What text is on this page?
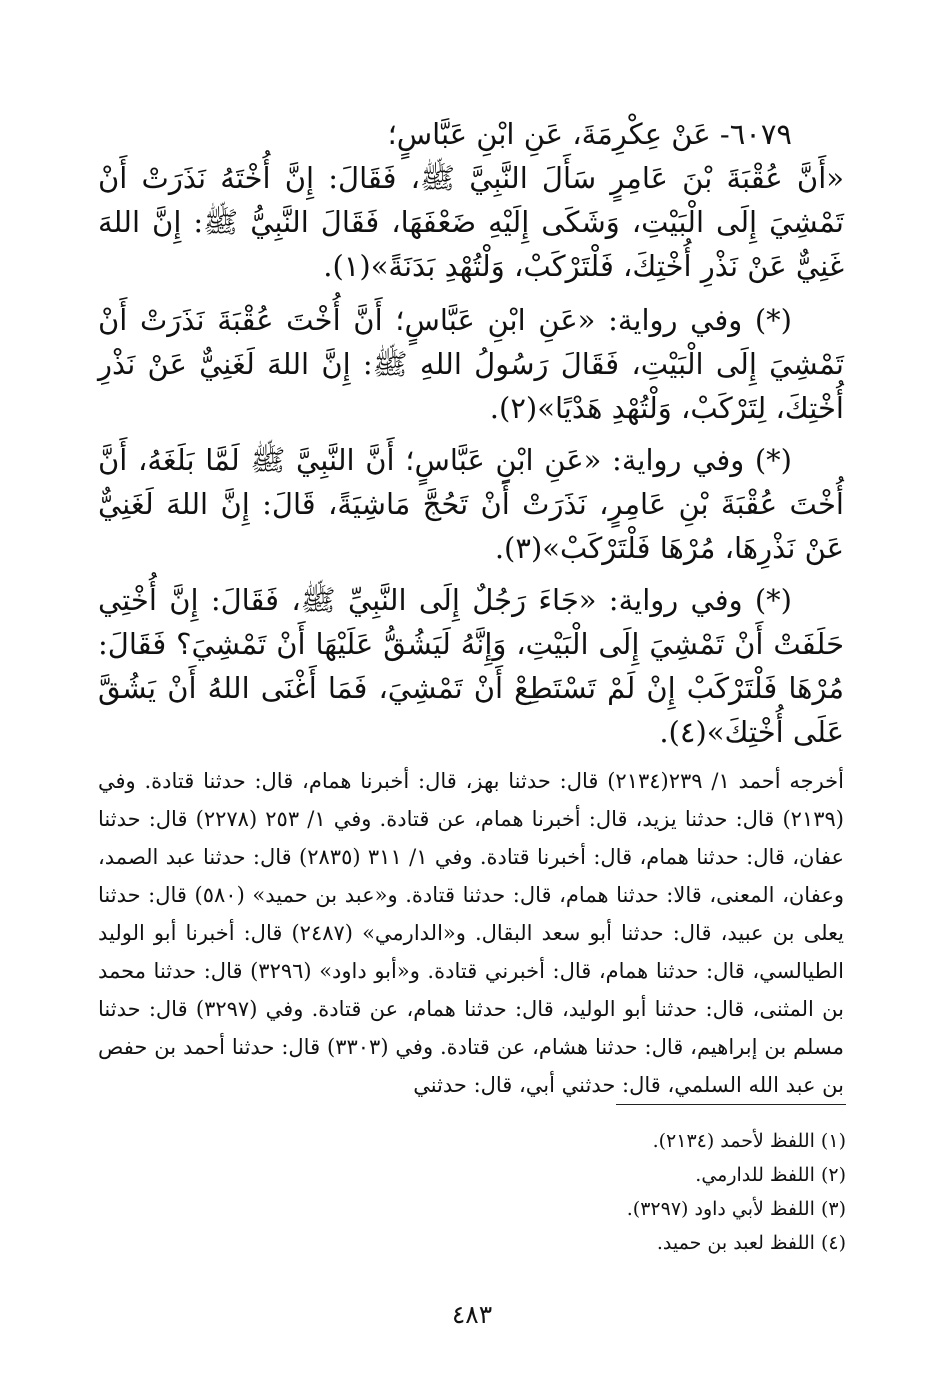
٦٠٧٩- عَنْ عِكْرِمَةَ، عَنِ ابْنِ عَبَّاسٍ؛

«أَنَّ عُقْبَةَ بْنَ عَامِرٍ سَأَلَ النَّبِيَّ ﷺ، فَقَالَ: إِنَّ أُخْتَهُ نَذَرَتْ أَنْ تَمْشِيَ إِلَى الْبَيْتِ، وَشَكَى إِلَيْهِ ضَعْفَهَا، فَقَالَ النَّبِيُّ ﷺ: إِنَّ اللهَ غَنِيٌّ عَنْ نَذْرِ أُخْتِكَ، فَلْتَرْكَبْ، وَلْتُهْدِ بَدَنَةً»(١).

(*) وفي رواية: «عَنِ ابْنِ عَبَّاسٍ؛ أَنَّ أُخْتَ عُقْبَةَ نَذَرَتْ أَنْ تَمْشِيَ إِلَى الْبَيْتِ، فَقَالَ رَسُولُ اللهِ ﷺ: إِنَّ اللهَ لَغَنِيٌّ عَنْ نَذْرِ أُخْتِكَ، لِتَرْكَبْ، وَلْتُهْدِ هَدْيًا»(٢).

(*) وفي رواية: «عَنِ ابْنِ عَبَّاسٍ؛ أَنَّ النَّبِيَّ ﷺ لَمَّا بَلَغَهُ، أَنَّ أُخْتَ عُقْبَةَ بْنِ عَامِرٍ، نَذَرَتْ أَنْ تَحُجَّ مَاشِيَةً، قَالَ: إِنَّ اللهَ لَغَنِيٌّ عَنْ نَذْرِهَا، مُرْهَا فَلْتَرْكَبْ»(٣).

(*) وفي رواية: «جَاءَ رَجُلٌ إِلَى النَّبِيِّ ﷺ، فَقَالَ: إِنَّ أُخْتِي حَلَفَتْ أَنْ تَمْشِيَ إِلَى الْبَيْتِ، وَإِنَّهُ لَيَشُقُّ عَلَيْهَا أَنْ تَمْشِيَ؟ فَقَالَ: مُرْهَا فَلْتَرْكَبْ إِنْ لَمْ تَسْتَطِعْ أَنْ تَمْشِيَ، فَمَا أَغْنَى اللهُ أَنْ يَشُقَّ عَلَى أُخْتِكَ»(٤).

أخرجه أحمد ١/ ٢٣٩(٢١٣٤) قال: حدثنا بهز، قال: أخبرنا همام، قال: حدثنا قتادة. وفي (٢١٣٩) قال: حدثنا يزيد، قال: أخبرنا همام، عن قتادة. وفي ١/ ٢٥٣ (٢٢٧٨) قال: حدثنا عفان، قال: حدثنا همام، قال: أخبرنا قتادة. وفي ١/ ٣١١ (٢٨٣٥) قال: حدثنا عبد الصمد، وعفان، المعنى، قالا: حدثنا همام، قال: حدثنا قتادة. و«عبد بن حميد» (٥٨٠) قال: حدثنا يعلى بن عبيد، قال: حدثنا أبو سعد البقال. و«الدارمي» (٢٤٨٧) قال: أخبرنا أبو الوليد الطيالسي، قال: حدثنا همام، قال: أخبرني قتادة. و«أبو داود» (٣٢٩٦) قال: حدثنا محمد بن المثنى، قال: حدثنا أبو الوليد، قال: حدثنا همام، عن قتادة. وفي (٣٢٩٧) قال: حدثنا مسلم بن إبراهيم، قال: حدثنا هشام، عن قتادة. وفي (٣٣٠٣) قال: حدثنا أحمد بن حفص بن عبد الله السلمي، قال: حدثني أبي، قال: حدثني

(١) اللفظ لأحمد (٢١٣٤).

(٢) اللفظ للدارمي.

(٣) اللفظ لأبي داود (٣٢٩٧).

(٤) اللفظ لعبد بن حميد.

٤٨٣
